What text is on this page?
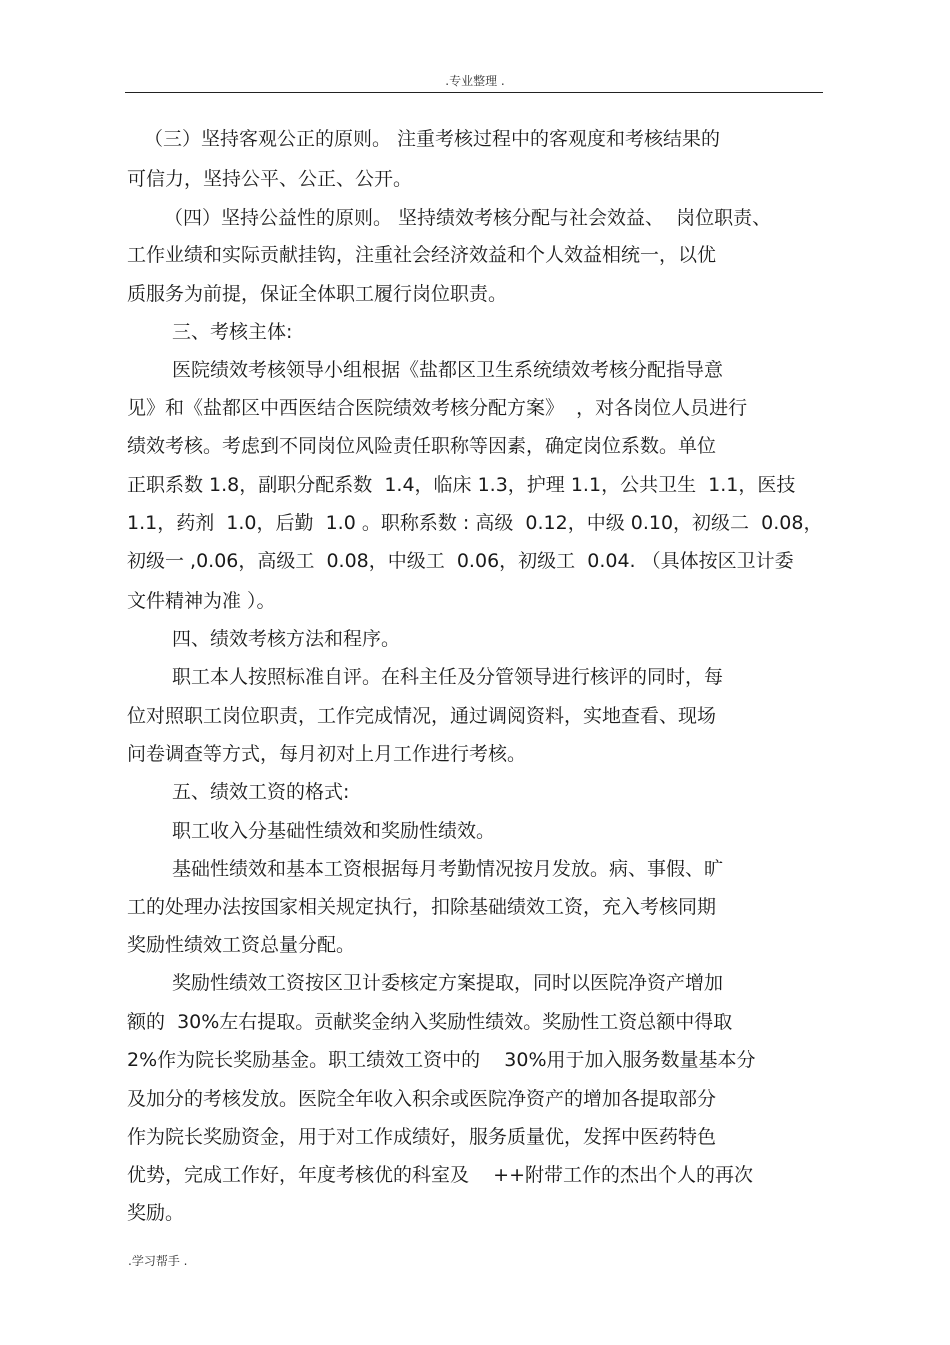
.专业整理 .
（三）坚持客观公正的原则。 注重考核过程中的客观度和考核结果的
可信力，坚持公平、公正、公开。
（四）坚持公益性的原则。 坚持绩效考核分配与社会效益、  岗位职责、
工作业绩和实际贡献挂钩，注重社会经济效益和个人效益相统一，以优
质服务为前提，保证全体职工履行岗位职责。
三、考核主体:
医院绩效考核领导小组根据《盐都区卫生系统绩效考核分配指导意
见》和《盐都区中西医结合医院绩效考核分配方案》  ，对各岗位人员进行
绩效考核。考虑到不同岗位风险责任职称等因素，确定岗位系数。单位
正职系数 1.8，副职分配系数  1.4，临床 1.3，护理 1.1，公共卫生  1.1，医技
1.1，药剂  1.0，后勤  1.0 。职称系数 : 高级  0.12，中级 0.10，初级二  0.08，
初级一 ,0.06，高级工  0.08，中级工  0.06，初级工  0.04. （具体按区卫计委
文件精神为准 ）。
四、绩效考核方法和程序。
职工本人按照标准自评。在科主任及分管领导进行核评的同时，每
位对照职工岗位职责，工作完成情况，通过调阅资料，实地查看、现场
问卷调查等方式，每月初对上月工作进行考核。
五、绩效工资的格式:
职工收入分基础性绩效和奖励性绩效。
基础性绩效和基本工资根据每月考勤情况按月发放。病、事假、旷
工的处理办法按国家相关规定执行，扣除基础绩效工资，充入考核同期
奖励性绩效工资总量分配。
奖励性绩效工资按区卫计委核定方案提取，同时以医院净资产增加
额的  30%左右提取。贡献奖金纳入奖励性绩效。奖励性工资总额中得取
2%作为院长奖励基金。职工绩效工资中的    30%用于加入服务数量基本分
及加分的考核发放。医院全年收入积余或医院净资产的增加各提取部分
作为院长奖励资金，用于对工作成绩好，服务质量优，发挥中医药特色
优势，完成工作好，年度考核优的科室及    ++附带工作的杰出个人的再次
奖励。
.学习帮手 .
